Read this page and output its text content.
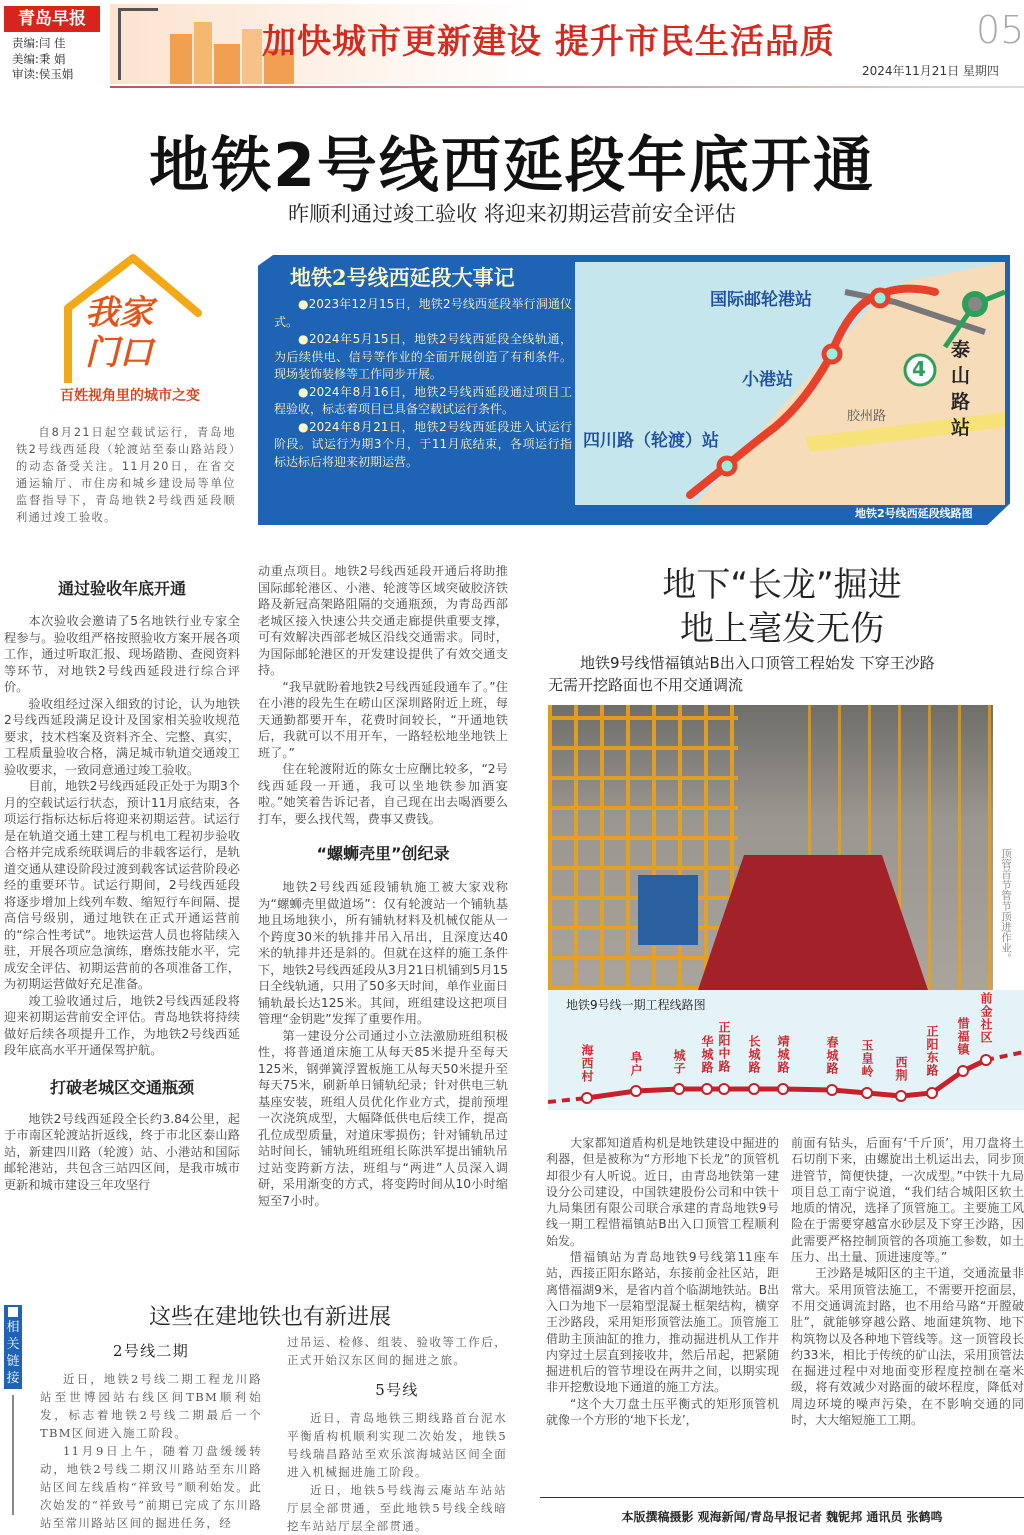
青岛早报
责编:闫 佳
美编:秉 娟
审读:侯玉娟
加快城市更新建设 提升市民生活品质	05
2024年11月21日 星期四
地铁2号线西延段年底开通
昨顺利通过竣工验收 将迎来初期运营前安全评估
我家门口
百姓视角里的城市之变

自8月21日起空载试运行，青岛地铁2号线西延段（轮渡站至泰山路站段）的动态备受关注。11月20日，在省交通运输厅、市住房和城乡建设局等单位监督指导下，青岛地铁2号线西延段顺利通过竣工验收。

地铁2号线西延段大事记

●2023年12月15日，地铁2号线西延段举行洞通仪式。

●2024年5月15日，地铁2号线西延段全线轨通，为后续供电、信号等作业的全面开展创造了有利条件。现场装饰装修等工作同步开展。

●2024年8月16日，地铁2号线西延段通过项目工程验收，标志着项目已具备空载试运行条件。

●2024年8月21日，地铁2号线西延段进入试运行阶段。试运行为期3个月，于11月底结束，各项运行指标达标后将迎来初期运营。

国际邮轮港站
小港站
四川路（轮渡）站
泰山路站
4
胶州路
地铁2号线西延段线路图
通过验收年底开通

本次验收会邀请了5名地铁行业专家全程参与。验收组严格按照验收方案开展各项工作，通过听取汇报、现场踏勘、查阅资料等环节，对地铁2号线西延段进行综合评价。

验收组经过深入细致的讨论，认为地铁2号线西延段满足设计及国家相关验收规范要求，技术档案及资料齐全、完整、真实，工程质量验收合格，满足城市轨道交通竣工验收要求，一致同意通过竣工验收。

目前，地铁2号线西延段正处于为期3个月的空载试运行状态，预计11月底结束，各项运行指标达标后将迎来初期运营。试运行是在轨道交通土建工程与机电工程初步验收合格并完成系统联调后的非载客运行，是轨道交通从建设阶段过渡到载客试运营阶段必经的重要环节。试运行期间，2号线西延段将逐步增加上线列车数、缩短行车间隔、提高信号级别，通过地铁在正式开通运营前的“综合性考试”。地铁运营人员也将陆续入驻，开展各项应急演练，磨炼技能水平，完成安全评估、初期运营前的各项准备工作，为初期运营做好充足准备。

竣工验收通过后，地铁2号线西延段将迎来初期运营前安全评估。青岛地铁将持续做好后续各项提升工作，为地铁2号线西延段年底高水平开通保驾护航。

打破老城区交通瓶颈

地铁2号线西延段全长约3.84公里，起于市南区轮渡站折返线，终于市北区泰山路站，新建四川路（轮渡）站、小港站和国际邮轮港站，共包含三站四区间，是我市城市更新和城市建设三年攻坚行

动重点项目。地铁2号线西延段开通后将助推国际邮轮港区、小港、轮渡等区域突破胶济铁路及新冠高架路阻隔的交通瓶颈，为青岛西部老城区接入快速公共交通走廊提供重要支撑，可有效解决西部老城区沿线交通需求。同时，为国际邮轮港区的开发建设提供了有效交通支持。

“我早就盼着地铁2号线西延段通车了。”住在小港的段先生在崂山区深圳路附近上班，每天通勤都要开车，花费时间较长，“开通地铁后，我就可以不用开车，一路轻松地坐地铁上班了。”

住在轮渡附近的陈女士应酬比较多，“2号线西延段一开通，我可以坐地铁参加酒宴啦。”她笑着告诉记者，自己现在出去喝酒要么打车，要么找代驾，费事又费钱。

“螺蛳壳里”创纪录

地铁2号线西延段铺轨施工被大家戏称为“螺蛳壳里做道场”：仅有轮渡站一个铺轨基地且场地狭小，所有铺轨材料及机械仅能从一个跨度30米的轨排井吊入吊出，且深度达40米的轨排井还是斜的。但就在这样的施工条件下，地铁2号线西延段从3月21日机铺到5月15日全线轨通，只用了50多天时间，单作业面日铺轨最长达125米。其间，班组建设这把项目管理“金钥匙”发挥了重要作用。

第一建设分公司通过小立法激励班组积极性，将普通道床施工从每天85米提升至每天125米，钢弹簧浮置板施工从每天50米提升至每天75米，刷新单日铺轨纪录；针对供电三轨基座安装，班组人员优化作业方式，提前预埋一次浇筑成型，大幅降低供电后续工作，提高孔位成型质量，对道床零损伤；针对铺轨吊过站时间长，铺轨班组班组长陈洪军提出铺轨吊过站变跨新方法，班组与“两进”人员深入调研，采用渐变的方式，将变跨时间从10小时缩短至7小时。

地下“长龙”掘进
地上毫发无伤
地铁9号线惜福镇站B出入口顶管工程始发 下穿王沙路
无需开挖路面也不用交通调流
顶管首节管节顶进作业。
海西村	阜户 城子 华城路 正阳中路 长城路 靖城路	春城路 玉皇岭 西荆 正阳东路 惜福镇 前金社区
地铁9号线一期工程线路图

大家都知道盾构机是地铁建设中掘进的利器，但是被称为“方形地下长龙”的顶管机却很少有人听说。近日，由青岛地铁第一建设分公司建设，中国铁建股份公司和中铁十九局集团有限公司联合承建的青岛地铁9号线一期工程惜福镇站B出入口顶管工程顺利始发。

惜福镇站为青岛地铁9号线第11座车站，西接正阳东路站，东接前金社区站，距离惜福湖9米，是省内首个临湖地铁站。B出入口为地下一层箱型混凝土框架结构，横穿王沙路段，采用矩形顶管法施工。顶管施工借助主顶油缸的推力，推动掘进机从工作井内穿过土层直到接收井，然后吊起，把紧随掘进机后的管节埋设在两井之间，以期实现非开挖敷设地下通道的施工方法。

“这个大刀盘土压平衡式的矩形顶管机就像一个方形的‘地下长龙’，

前面有钻头，后面有‘千斤顶’，用刀盘将土石切削下来，由螺旋出土机运出去，同步顶进管节，简便快捷，一次成型。”中铁十九局项目总工南宁说道，“我们结合城阳区软土地质的情况，选择了顶管施工。主要施工风险在于需要穿越富水砂层及下穿王沙路，因此需要严格控制顶管的各项施工参数，如土压力、出土量、顶进速度等。”

王沙路是城阳区的主干道，交通流量非常大。采用顶管法施工，不需要开挖面层，不用交通调流封路，也不用给马路“开膛破肚”，就能够穿越公路、地面建筑物、地下构筑物以及各种地下管线等。这一顶管段长约33米，相比于传统的矿山法，采用顶管法在掘进过程中对地面变形程度控制在毫米级，将有效减少对路面的破坏程度，降低对周边环境的噪声污染，在不影响交通的同时，大大缩短施工工期。

本版撰稿摄影 观海新闻/青岛早报记者 魏铌邦 通讯员 张鹤鸣
相关链接
这些在建地铁也有新进展
2号线二期

近日，地铁2号线二期工程龙川路站至世博园站右线区间TBM顺利始发，标志着地铁2号线二期最后一个TBM区间进入施工阶段。

11月9日上午，随着刀盘缓缓转动，地铁2号线二期汉川路站至东川路站区间左线盾构“祥致号”顺利始发。此次始发的“祥致号”前期已完成了东川路站至常川路站区间的掘进任务，经

过吊运、检修、组装、验收等工作后，正式开始汉东区间的掘进之旅。

5号线

近日，青岛地铁三期线路首台泥水平衡盾构机顺利实现二次始发，地铁5号线瑞昌路站至欢乐滨海城站区间全面进入机械掘进施工阶段。

近日，地铁5号线海云庵站车站站厅层全部贯通，至此地铁5号线全线暗挖车站站厅层全部贯通。
